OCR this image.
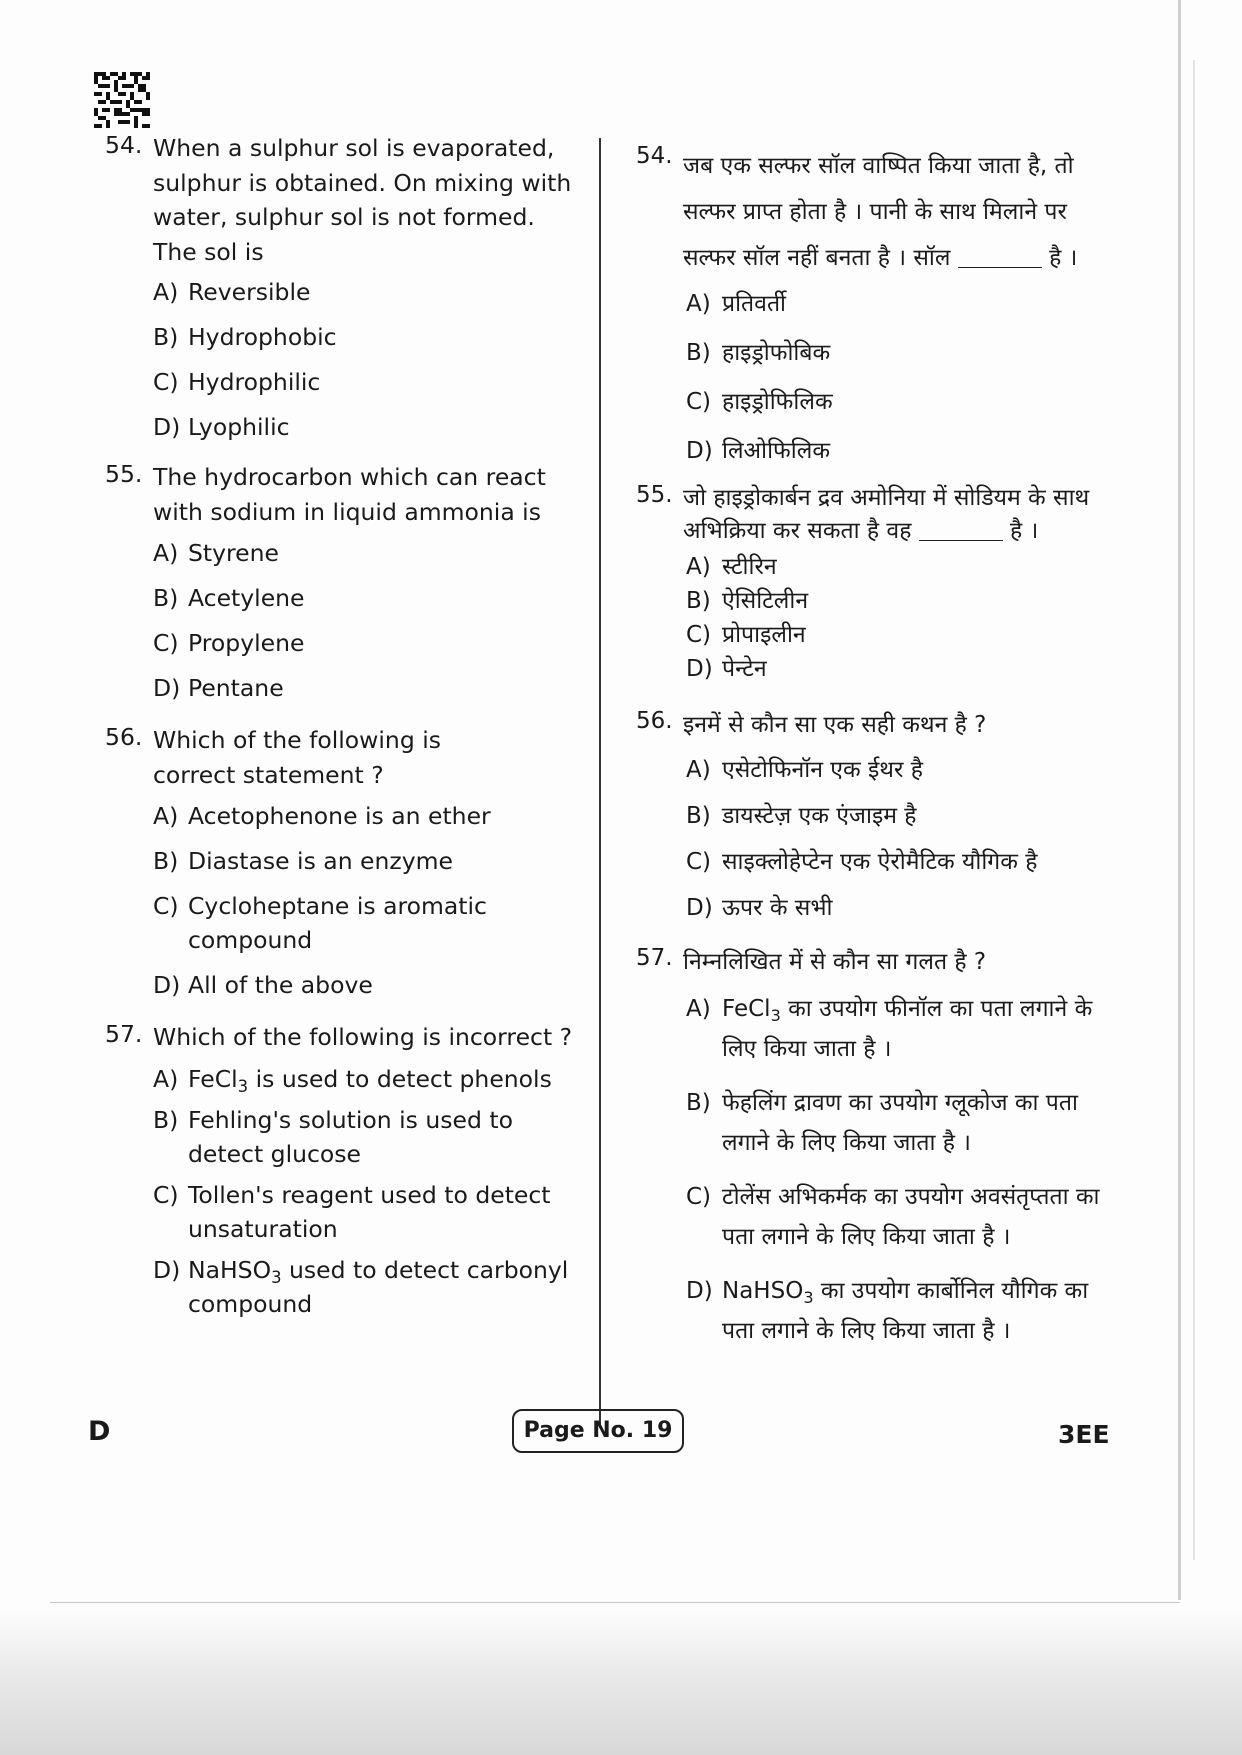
54. When a sulphur sol is evaporated, sulphur is obtained. On mixing with water, sulphur sol is not formed. The sol is
A) Reversible
B) Hydrophobic
C) Hydrophilic
D) Lyophilic
55. The hydrocarbon which can react with sodium in liquid ammonia is
A) Styrene
B) Acetylene
C) Propylene
D) Pentane
56. Which of the following is correct statement ?
A) Acetophenone is an ether
B) Diastase is an enzyme
C) Cycloheptane is aromatic compound
D) All of the above
57. Which of the following is incorrect ?
A) FeCl$_3$ is used to detect phenols
B) Fehling's solution is used to detect glucose
C) Tollen's reagent used to detect unsaturation
D) NaHSO$_3$ used to detect carbonyl compound
54. जब एक सल्फर सॉल वाष्पित किया जाता है, तो सल्फर प्राप्त होता है । पानी के साथ मिलाने पर सल्फर सॉल नहीं बनता है । सॉल	है ।
A) प्रतिवर्ती
B) हाइड्रोफोबिक
C) हाइड्रोफिलिक
D) लिओफिलिक
55. जो हाइड्रोकार्बन द्रव अमोनिया में सोडियम के साथ अभिक्रिया कर सकता है वह	है ।
A) स्टीरिन
B) ऐसिटिलीन
C) प्रोपाइलीन
D) पेन्टेन
56. इनमें से कौन सा एक सही कथन है ?
A) एसेटोफिनॉन एक ईथर है
B) डायस्टेज़ एक एंजाइम है
C) साइक्लोहेप्टेन एक ऐरोमैटिक यौगिक है
D) ऊपर के सभी
57. निम्नलिखित में से कौन सा गलत है ?
A) FeCl$_3$ का उपयोग फीनॉल का पता लगाने के लिए किया जाता है ।
B) फेहलिंग द्रावण का उपयोग ग्लूकोज का पता लगाने के लिए किया जाता है ।
C) टोलेंस अभिकर्मक का उपयोग अवसंतृप्तता का पता लगाने के लिए किया जाता है ।
D) NaHSO$_3$ का उपयोग कार्बोनिल यौगिक का पता लगाने के लिए किया जाता है ।
D	Page No. 19	3EE
